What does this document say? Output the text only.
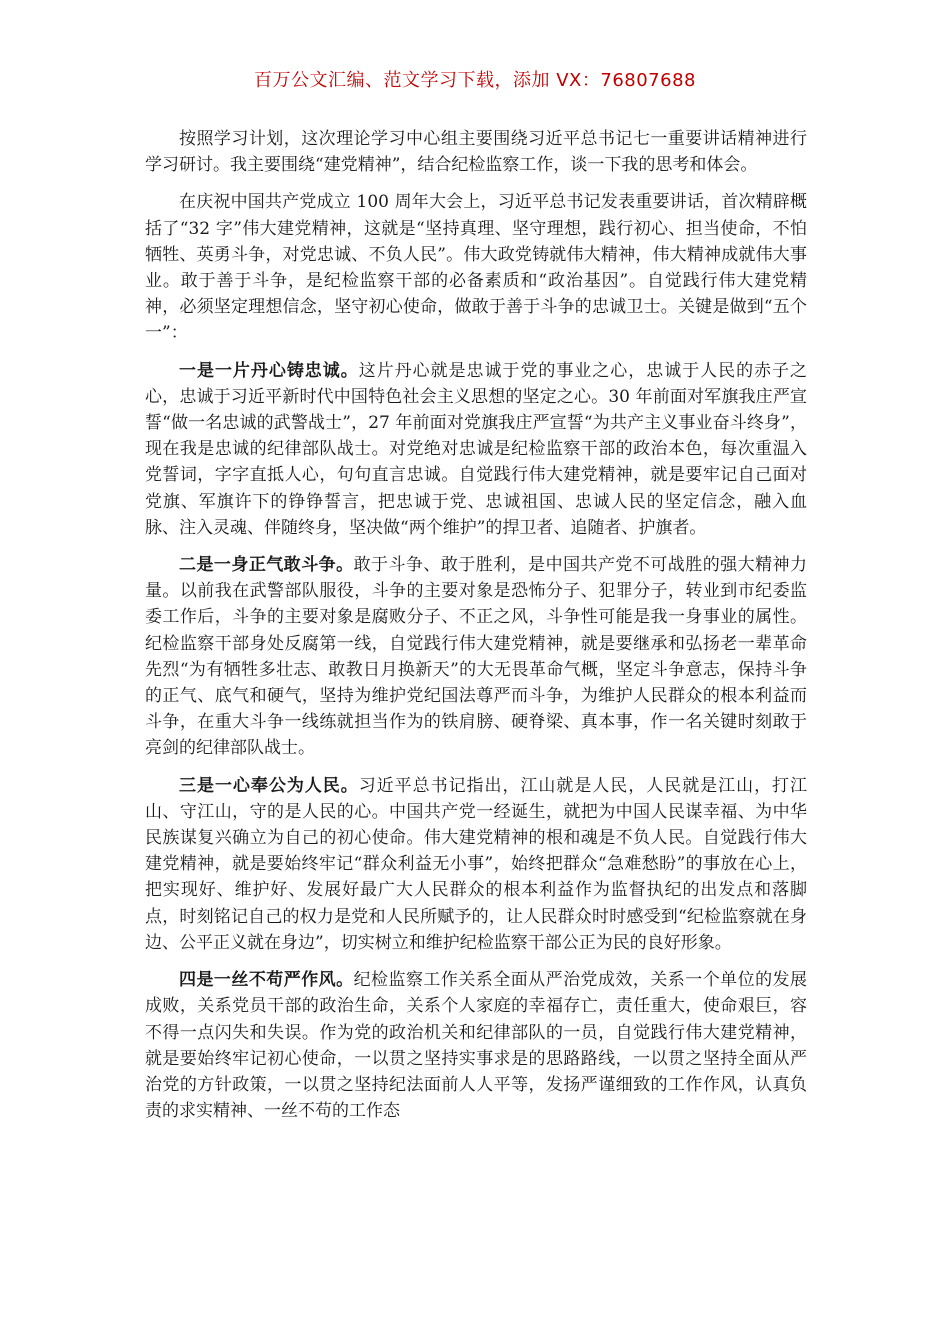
百万公文汇编、范文学习下载，添加 VX：76807688

按照学习计划，这次理论学习中心组主要围绕习近平总书记七一重要讲话精神进行学习研讨。我主要围绕“建党精神”，结合纪检监察工作，谈一下我的思考和体会。

在庆祝中国共产党成立 100 周年大会上，习近平总书记发表重要讲话，首次精辟概括了“32 字”伟大建党精神，这就是“坚持真理、坚守理想，践行初心、担当使命，不怕牺牲、英勇斗争，对党忠诚、不负人民”。伟大政党铸就伟大精神，伟大精神成就伟大事业。敢于善于斗争，是纪检监察干部的必备素质和“政治基因”。自觉践行伟大建党精神，必须坚定理想信念，坚守初心使命，做敢于善于斗争的忠诚卫士。关键是做到“五个一”：

一是一片丹心铸忠诚。这片丹心就是忠诚于党的事业之心，忠诚于人民的赤子之心，忠诚于习近平新时代中国特色社会主义思想的坚定之心。30 年前面对军旗我庄严宣誓“做一名忠诚的武警战士”，27 年前面对党旗我庄严宣誓“为共产主义事业奋斗终身”，现在我是忠诚的纪律部队战士。对党绝对忠诚是纪检监察干部的政治本色，每次重温入党誓词，字字直抵人心，句句直言忠诚。自觉践行伟大建党精神，就是要牢记自己面对党旗、军旗许下的铮铮誓言，把忠诚于党、忠诚祖国、忠诚人民的坚定信念，融入血脉、注入灵魂、伴随终身，坚决做“两个维护”的捍卫者、追随者、护旗者。

二是一身正气敢斗争。敢于斗争、敢于胜利，是中国共产党不可战胜的强大精神力量。以前我在武警部队服役，斗争的主要对象是恐怖分子、犯罪分子，转业到市纪委监委工作后，斗争的主要对象是腐败分子、不正之风，斗争性可能是我一身事业的属性。纪检监察干部身处反腐第一线，自觉践行伟大建党精神，就是要继承和弘扬老一辈革命先烈“为有牺牲多壮志、敢教日月换新天”的大无畏革命气概，坚定斗争意志，保持斗争的正气、底气和硬气，坚持为维护党纪国法尊严而斗争，为维护人民群众的根本利益而斗争，在重大斗争一线练就担当作为的铁肩膀、硬脊梁、真本事，作一名关键时刻敢于亮剑的纪律部队战士。

三是一心奉公为人民。习近平总书记指出，江山就是人民，人民就是江山，打江山、守江山，守的是人民的心。中国共产党一经诞生，就把为中国人民谋幸福、为中华民族谋复兴确立为自己的初心使命。伟大建党精神的根和魂是不负人民。自觉践行伟大建党精神，就是要始终牢记“群众利益无小事”，始终把群众“急难愁盼”的事放在心上，把实现好、维护好、发展好最广大人民群众的根本利益作为监督执纪的出发点和落脚点，时刻铭记自己的权力是党和人民所赋予的，让人民群众时时感受到“纪检监察就在身边、公平正义就在身边”，切实树立和维护纪检监察干部公正为民的良好形象。

四是一丝不苟严作风。纪检监察工作关系全面从严治党成效，关系一个单位的发展成败，关系党员干部的政治生命，关系个人家庭的幸福存亡，责任重大，使命艰巨，容不得一点闪失和失误。作为党的政治机关和纪律部队的一员，自觉践行伟大建党精神，就是要始终牢记初心使命，一以贯之坚持实事求是的思路路线，一以贯之坚持全面从严治党的方针政策，一以贯之坚持纪法面前人人平等，发扬严谨细致的工作作风，认真负责的求实精神、一丝不苟的工作态
